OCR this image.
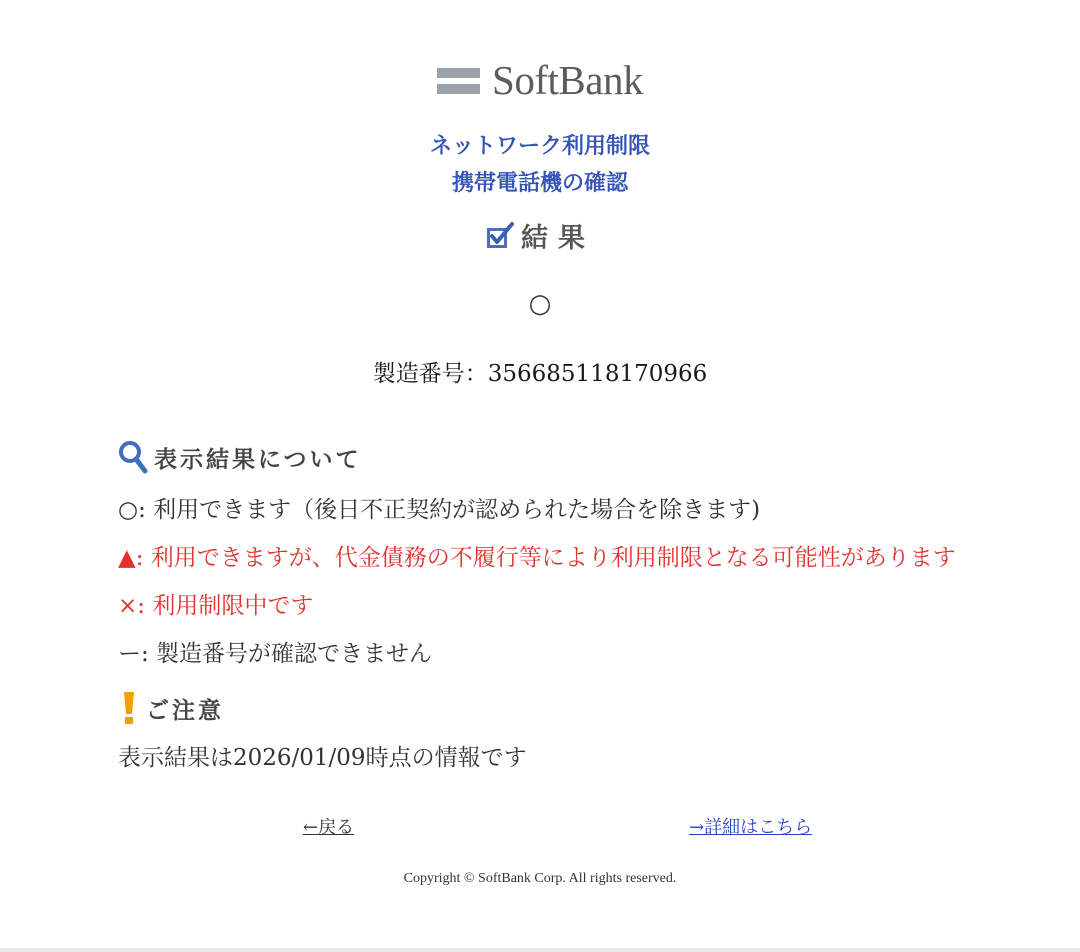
SoftBank
ネットワーク利用制限
携帯電話機の確認
結果
○
製造番号：356685118170966
表示結果について
○: 利用できます（後日不正契約が認められた場合を除きます)
▲: 利用できますが、代金債務の不履行等により利用制限となる可能性があります
×: 利用制限中です
ー: 製造番号が確認できません
ご注意
表示結果は2026/01/09時点の情報です
←戻る	→詳細はこちら
Copyright © SoftBank Corp. All rights reserved.
